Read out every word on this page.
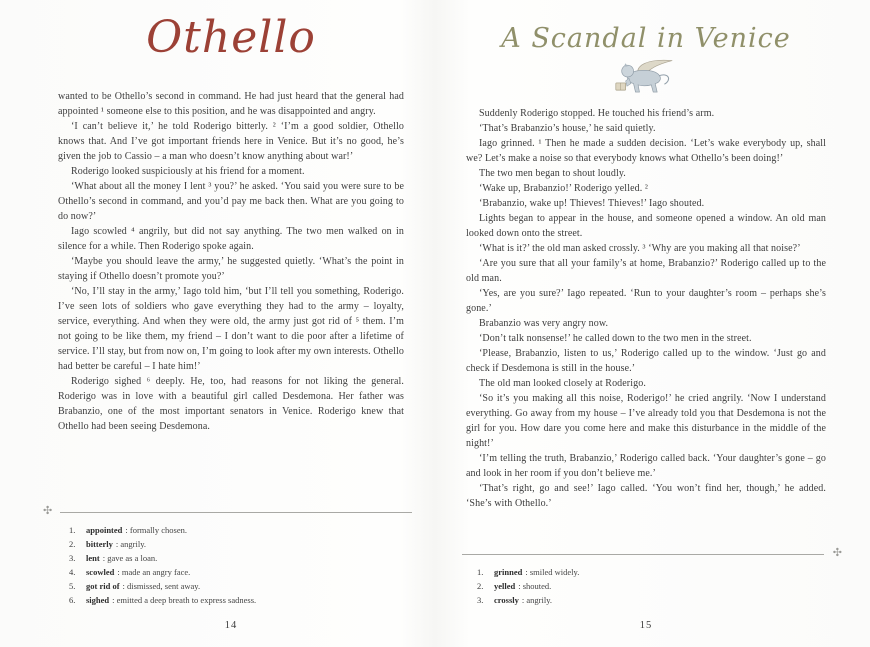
Othello

wanted to be Othello’s second in command. He had just heard that the general had appointed ¹ someone else to this position, and he was disappointed and angry.

‘I can’t believe it,’ he told Roderigo bitterly. ² ‘I’m a good soldier, Othello knows that. And I’ve got important friends here in Venice. But it’s no good, he’s given the job to Cassio – a man who doesn’t know anything about war!’

Roderigo looked suspiciously at his friend for a moment.

‘What about all the money I lent ³ you?’ he asked. ‘You said you were sure to be Othello’s second in command, and you’d pay me back then. What are you going to do now?’

Iago scowled ⁴ angrily, but did not say anything. The two men walked on in silence for a while. Then Roderigo spoke again.

‘Maybe you should leave the army,’ he suggested quietly. ‘What’s the point in staying if Othello doesn’t promote you?’

‘No, I’ll stay in the army,’ Iago told him, ‘but I’ll tell you something, Roderigo. I’ve seen lots of soldiers who gave everything they had to the army – loyalty, service, everything. And when they were old, the army just got rid of ⁵ them. I’m not going to be like them, my friend – I don’t want to die poor after a lifetime of service. I’ll stay, but from now on, I’m going to look after my own interests. Othello had better be careful – I hate him!’

Roderigo sighed ⁶ deeply. He, too, had reasons for not liking the general. Roderigo was in love with a beautiful girl called Desdemona. Her father was Brabanzio, one of the most important senators in Venice. Roderigo knew that Othello had been seeing Desdemona.

✣
1. appointed : formally chosen.
2. bitterly : angrily.
3. lent : gave as a loan.
4. scowled : made an angry face.
5. got rid of : dismissed, sent away.
6. sighed : emitted a deep breath to express sadness.
14
A Scandal in Venice

Suddenly Roderigo stopped. He touched his friend’s arm.

‘That’s Brabanzio’s house,’ he said quietly.

Iago grinned. ¹ Then he made a sudden decision. ‘Let’s wake everybody up, shall we? Let’s make a noise so that everybody knows what Othello’s been doing!’

The two men began to shout loudly.

‘Wake up, Brabanzio!’ Roderigo yelled. ²

‘Brabanzio, wake up! Thieves! Thieves!’ Iago shouted.

Lights began to appear in the house, and someone opened a window. An old man looked down onto the street.

‘What is it?’ the old man asked crossly. ³ ‘Why are you making all that noise?’

‘Are you sure that all your family’s at home, Brabanzio?’ Roderigo called up to the old man.

‘Yes, are you sure?’ Iago repeated. ‘Run to your daughter’s room – perhaps she’s gone.’

Brabanzio was very angry now.

‘Don’t talk nonsense!’ he called down to the two men in the street.

‘Please, Brabanzio, listen to us,’ Roderigo called up to the window. ‘Just go and check if Desdemona is still in the house.’

The old man looked closely at Roderigo.

‘So it’s you making all this noise, Roderigo!’ he cried angrily. ‘Now I understand everything. Go away from my house – I’ve already told you that Desdemona is not the girl for you. How dare you come here and make this disturbance in the middle of the night!’

‘I’m telling the truth, Brabanzio,’ Roderigo called back. ‘Your daughter’s gone – go and look in her room if you don’t believe me.’

‘That’s right, go and see!’ Iago called. ‘You won’t find her, though,’ he added. ‘She’s with Othello.’

✣
1. grinned : smiled widely.
2. yelled : shouted.
3. crossly : angrily.
15
